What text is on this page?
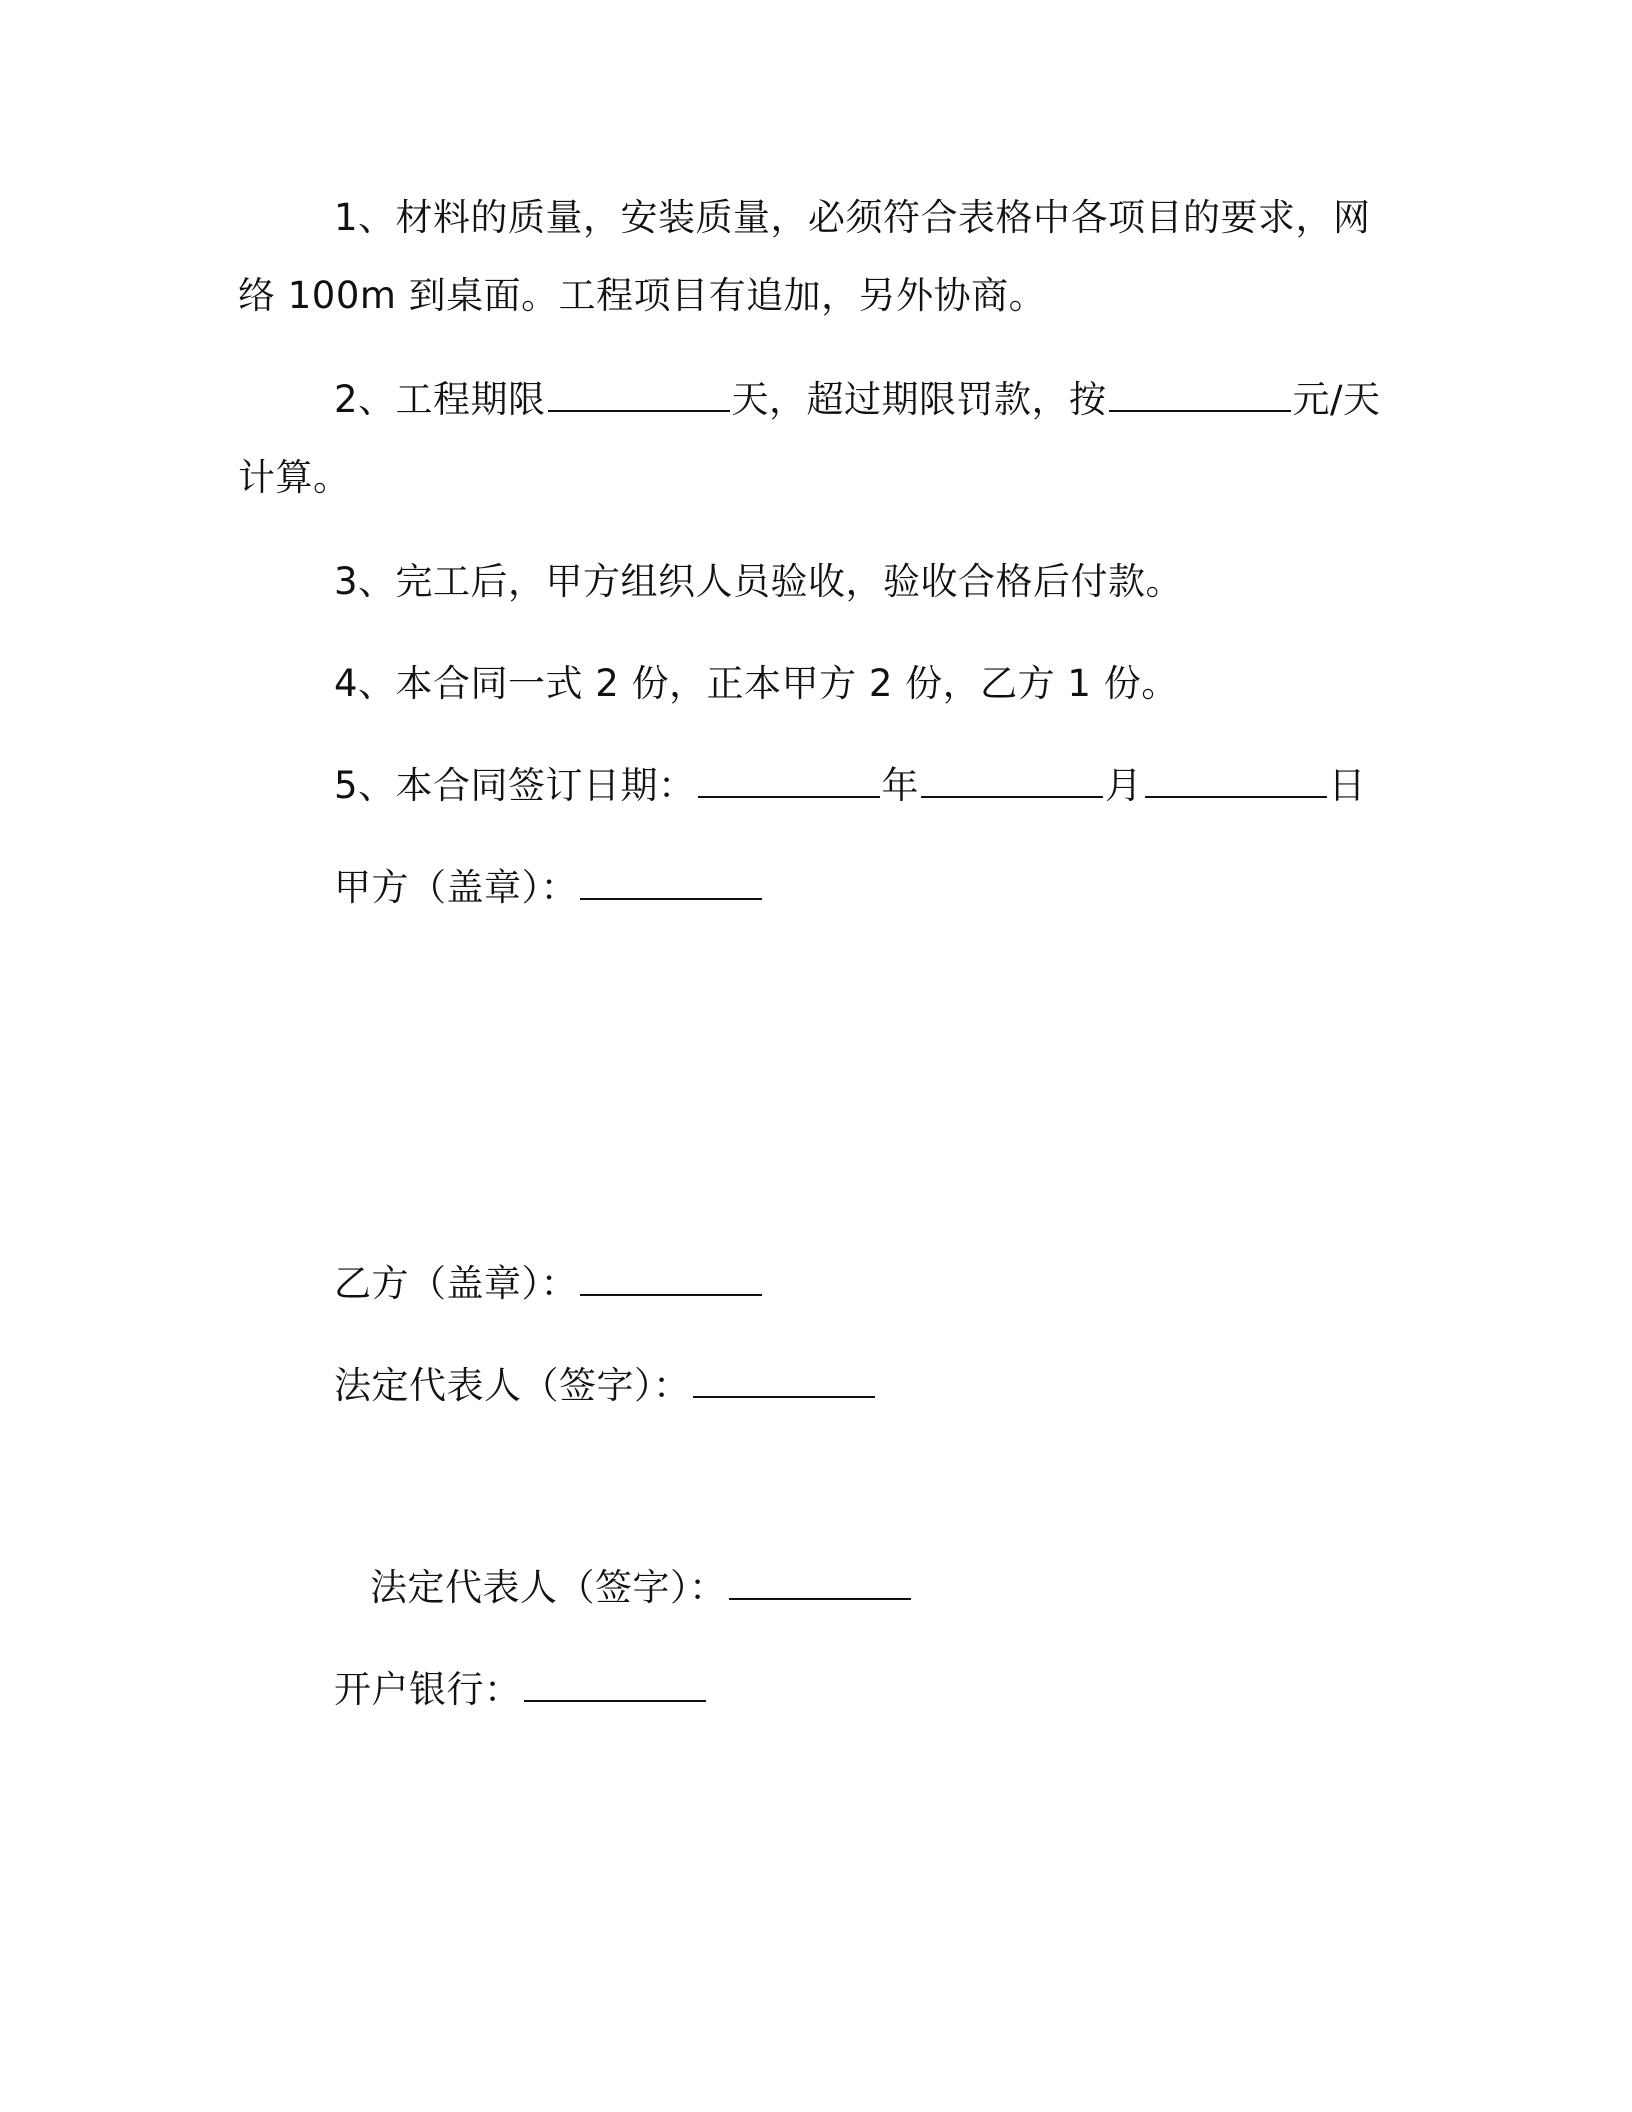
1、材料的质量，安装质量，必须符合表格中各项目的要求，网
络 100m 到桌面。工程项目有追加，另外协商。
2、工程期限	天，超过期限罚款，按	元/天
计算。
3、完工后，甲方组织人员验收，验收合格后付款。
4、本合同一式 2 份，正本甲方 2 份，乙方 1 份。
5、本合同签订日期：	年	月	日
甲方（盖章）：
乙方（盖章）：
法定代表人（签字）：
法定代表人（签字）：
开户银行：
